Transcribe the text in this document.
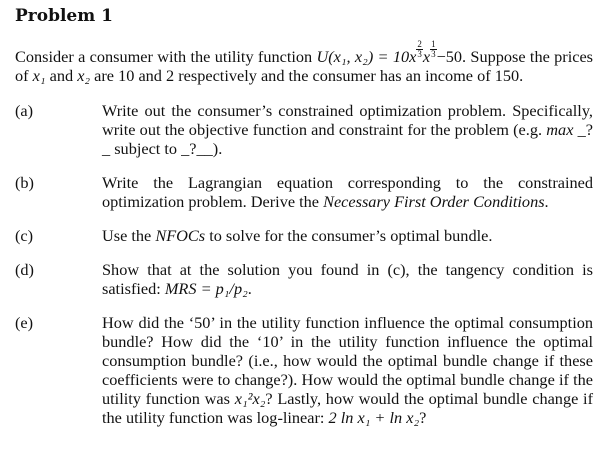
Problem 1
Consider a consumer with the utility function U(x₁, $x_2) = 10x \frac{2}{3}$ x $\frac{1}{3} -50$. Suppose the prices of x₁ and x₂ are 10 and 2 respectively and the consumer has an income of 150.
(a)	Write out the consumer’s constrained optimization problem. Specifically, write out the objective function and constraint for the problem (e.g. max _?_ subject to _?__).
(b)	Write the Lagrangian equation corresponding to the constrained optimization problem. Derive the Necessary First Order Conditions.
(c)	Use the NFOCs to solve for the consumer’s optimal bundle.
(d)	Show that at the solution you found in (c), the tangency condition is satisfied: MRS = p₁/p₂.
(e)	How did the ‘50’ in the utility function influence the optimal consumption bundle? How did the ‘10’ in the utility function influence the optimal consumption bundle? (i.e., how would the optimal bundle change if these coefficients were to change?). How would the optimal bundle change if the utility function was x₁²x₂? Lastly, how would the optimal bundle change if the utility function was log-linear: 2 ln x₁ + ln x₂?
